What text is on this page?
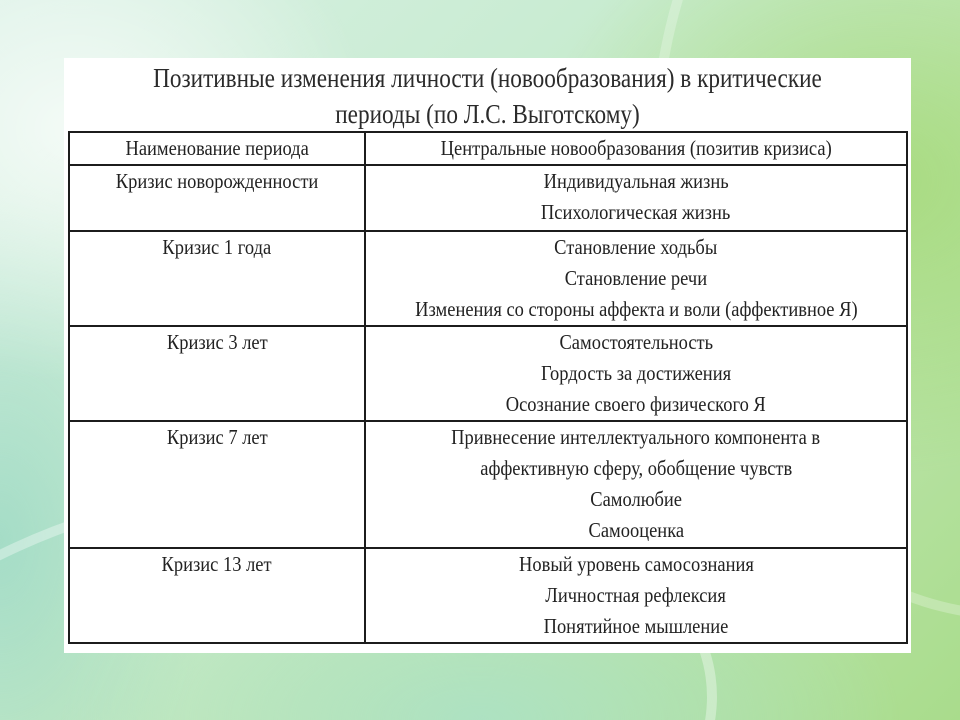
Позитивные изменения личности (новообразования) в критические
периоды (по Л.С. Выготскому)
Наименование периода	Центральные новообразования (позитив кризиса)
Кризис новорожденности	Индивидуальная жизнь
Психологическая жизнь

Кризис 1 года	Становление ходьбы
Становление речи
Изменения со стороны аффекта и воли (аффективное Я)

Кризис 3 лет	Самостоятельность
Гордость за достижения
Осознание своего физического Я

Кризис 7 лет	Привнесение интеллектуального компонента в
аффективную сферу, обобщение чувств
Самолюбие
Самооценка

Кризис 13 лет	Новый уровень самосознания
Личностная рефлексия
Понятийное мышление
